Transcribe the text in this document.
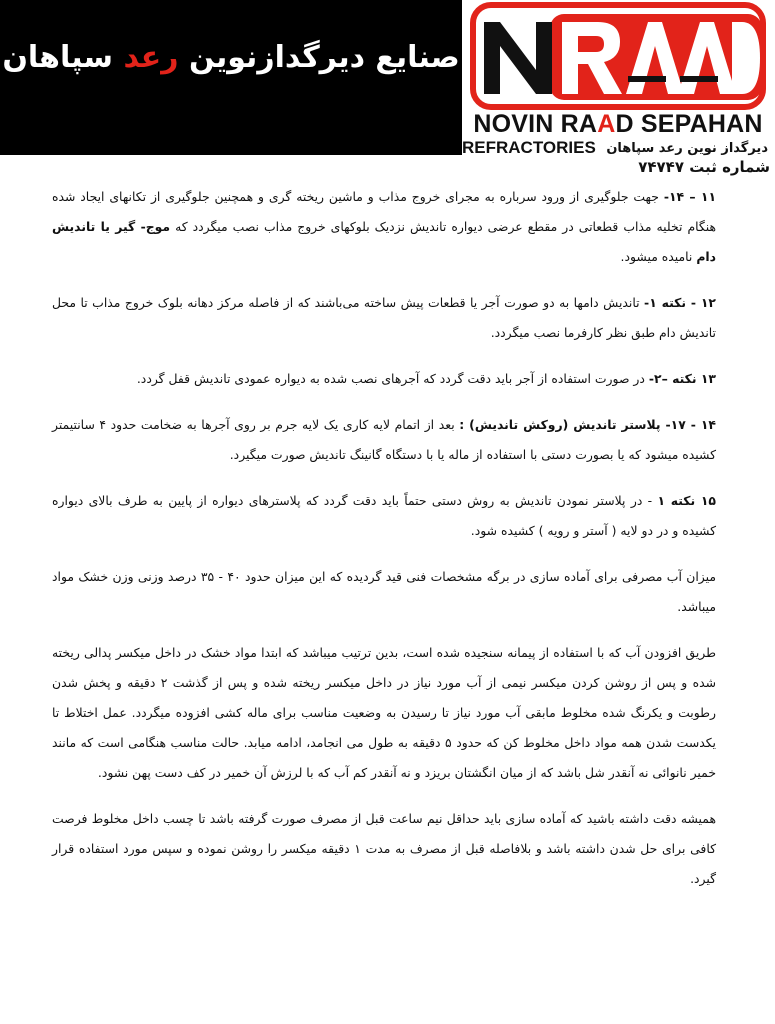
صنایع دیرگدازنوین رعد سپاهان
NOVIN RAAD SEPAHAN
دیرگداز نوین رعد سپاهان
REFRACTORIES
شماره ثبت ۷۴۷۴۷

۱۱ – ۱۴- جهت جلوگیری از ورود سرباره به مجرای خروج مذاب و ماشین ریخته گری و همچنین جلوگیری از تکانهای ایجاد شده هنگام تخلیه مذاب قطعاتی در مقطع عرضی دیواره تاندیش نزدیک بلوکهای خروج مذاب نصب میگردد که موج- گیر یا تاندیش دام نامیده میشود.

۱۲ - نکته ۱- تاندیش دامها به دو صورت آجر یا قطعات پیش ساخته می‌باشند که از فاصله مرکز دهانه بلوک خروج مذاب تا محل تاندیش دام طبق نظر کارفرما نصب میگردد.

۱۳ نکته –۲- در صورت استفاده از آجر باید دقت گردد که آجرهای نصب شده به دیواره عمودی تاندیش قفل گردد.

۱۴ - ۱۷- پلاستر تاندیش (روکش تاندیش) : بعد از اتمام لایه کاری یک لایه جرم بر روی آجرها به ضخامت حدود ۴ سانتیمتر کشیده میشود که یا بصورت دستی با استفاده از ماله یا با دستگاه گانینگ تاندیش صورت میگیرد.

۱۵ نکته ۱ - در پلاستر نمودن تاندیش به روش دستی حتماً باید دقت گردد که پلاسترهای دیواره از پایین به طرف بالای دیواره کشیده و در دو لایه ( آستر و رویه ) کشیده شود.

میزان آب مصرفی برای آماده سازی در برگه مشخصات فنی قید گردیده که این میزان حدود ۴۰ - ۳۵ درصد وزنی وزن خشک مواد میباشد.

طریق افزودن آب که با استفاده از پیمانه سنجیده شده است، بدین ترتیب میباشد که ابتدا مواد خشک در داخل میکسر پدالی ریخته شده و پس از روشن کردن میکسر نیمی از آب مورد نیاز در داخل میکسر ریخته شده و پس از گذشت ۲ دقیقه و پخش شدن رطوبت و یکرنگ شده مخلوط مابقی آب مورد نیاز تا رسیدن به وضعیت مناسب برای ماله کشی افزوده میگردد. عمل اختلاط تا یکدست شدن همه مواد داخل مخلوط کن که حدود ۵ دقیقه به طول می انجامد، ادامه میابد. حالت مناسب هنگامی است که مانند خمیر نانوائی نه آنقدر شل باشد که از میان انگشتان بریزد و نه آنقدر کم آب که با لرزش آن خمیر در کف دست پهن نشود.

همیشه دقت داشته باشید که آماده سازی باید حداقل نیم ساعت قبل از مصرف صورت گرفته باشد تا چسب داخل مخلوط فرصت کافی برای حل شدن داشته باشد و بلافاصله قبل از مصرف به مدت ۱ دقیقه میکسر را روشن نموده و سپس مورد استفاده قرار گیرد.
